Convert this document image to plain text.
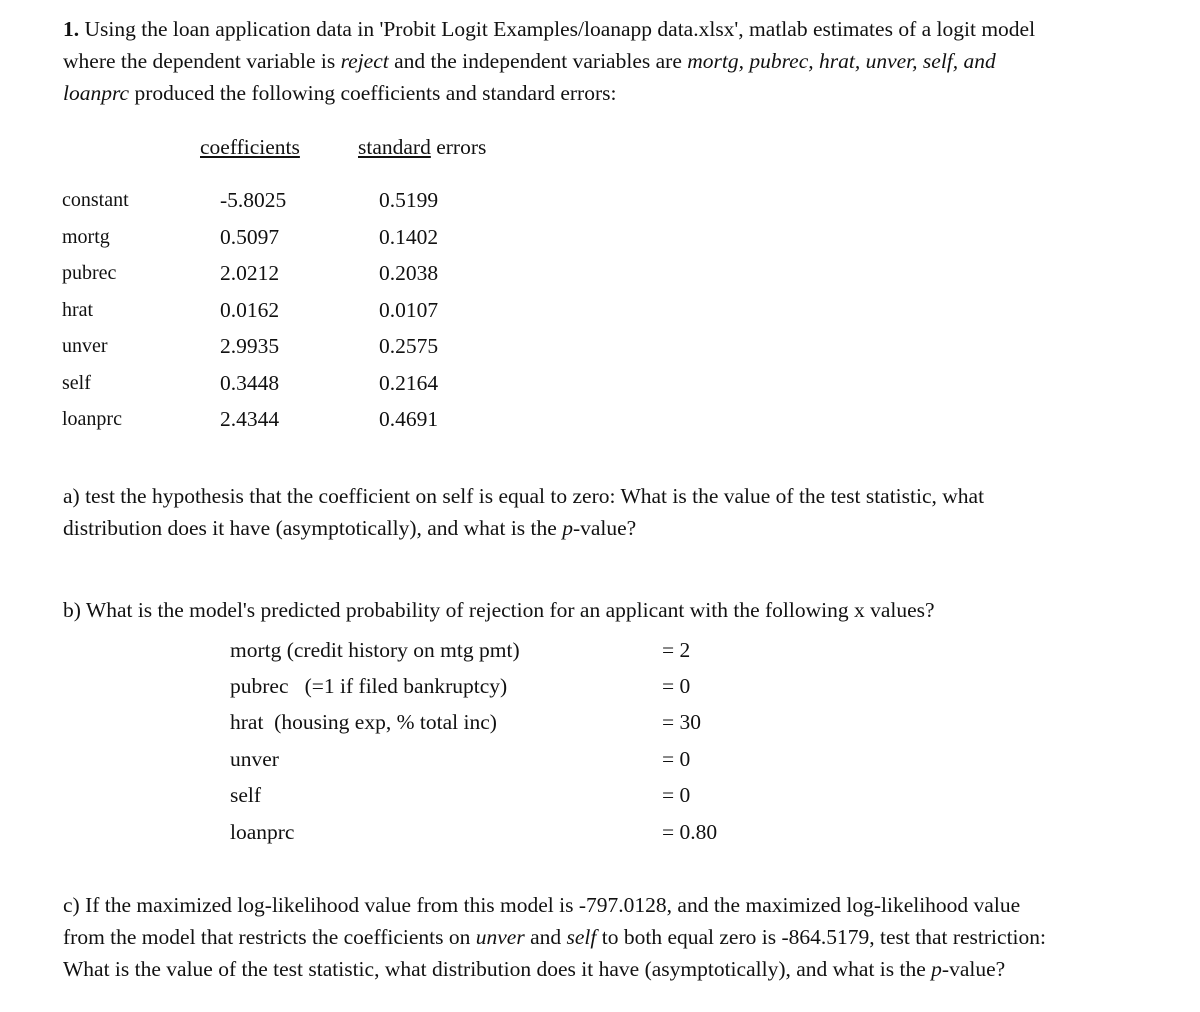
1. Using the loan application data in 'Probit Logit Examples/loanapp data.xlsx', matlab estimates of a logit model
where the dependent variable is reject and the independent variables are mortg, pubrec, hrat, unver, self, and
loanprc produced the following coefficients and standard errors:
coefficients	standard errors
constant	-5.8025	0.5199
mortg	0.5097	0.1402
pubrec	2.0212	0.2038
hrat	0.0162	0.0107
unver	2.9935	0.2575
self	0.3448	0.2164
loanprc	2.4344	0.4691
a) test the hypothesis that the coefficient on self is equal to zero: What is the value of the test statistic, what
distribution does it have (asymptotically), and what is the p-value?
b) What is the model's predicted probability of rejection for an applicant with the following x values?
mortg (credit history on mtg pmt)	= 2
pubrec   (=1 if filed bankruptcy)	= 0
hrat  (housing exp, % total inc)	= 30
unver	= 0
self	= 0
loanprc	= 0.80
c) If the maximized log-likelihood value from this model is -797.0128, and the maximized log-likelihood value
from the model that restricts the coefficients on unver and self to both equal zero is -864.5179, test that restriction:
What is the value of the test statistic, what distribution does it have (asymptotically), and what is the p-value?
